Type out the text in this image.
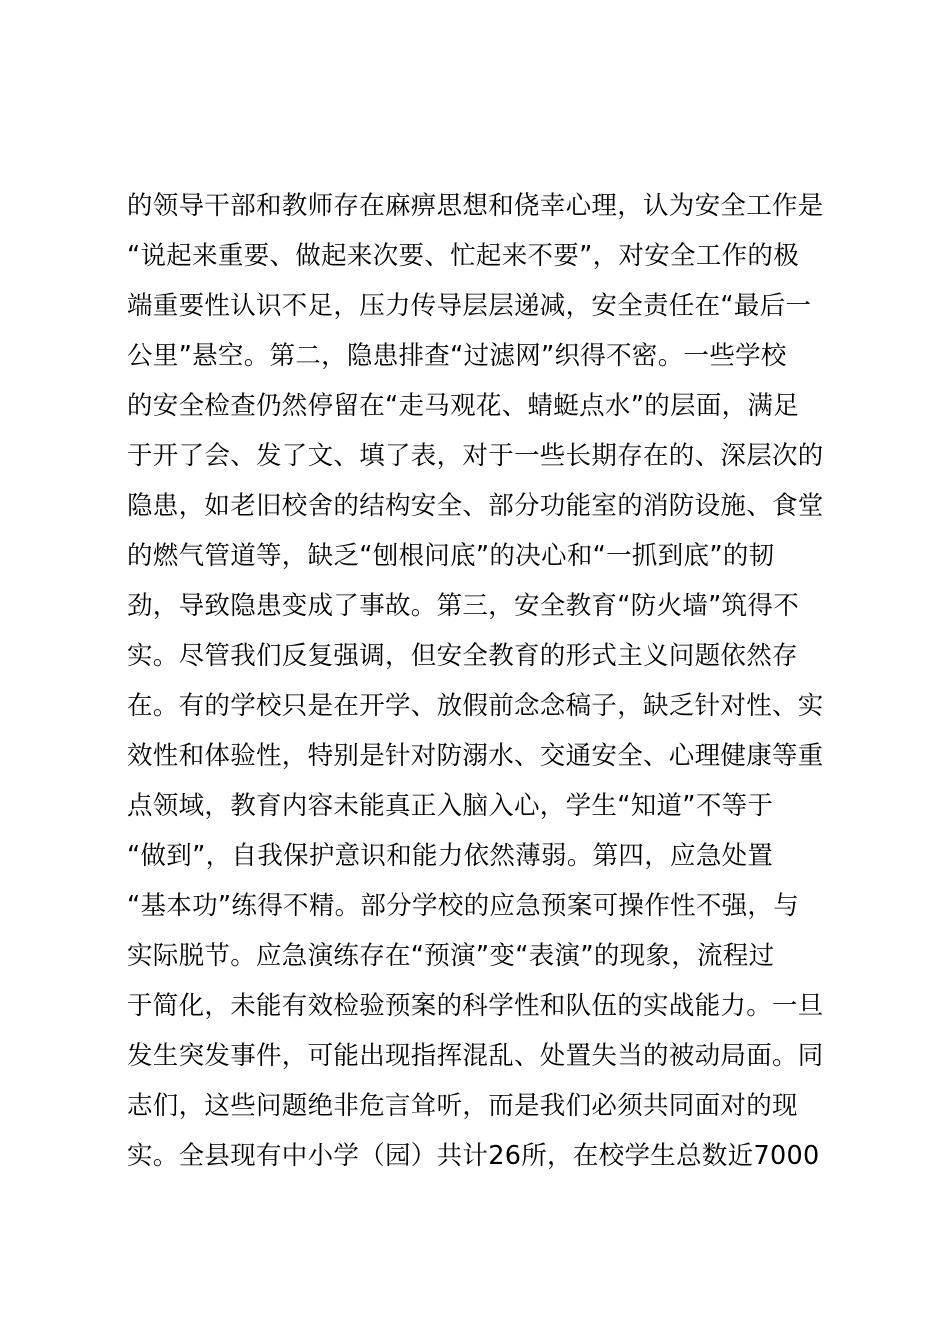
的领导干部和教师存在麻痹思想和侥幸心理，认为安全工作是
“说起来重要、做起来次要、忙起来不要”，对安全工作的极
端重要性认识不足，压力传导层层递减，安全责任在“最后一
公里”悬空。第二，隐患排查“过滤网”织得不密。一些学校
的安全检查仍然停留在“走马观花、蜻蜓点水”的层面，满足
于开了会、发了文、填了表，对于一些长期存在的、深层次的
隐患，如老旧校舍的结构安全、部分功能室的消防设施、食堂
的燃气管道等，缺乏“刨根问底”的决心和“一抓到底”的韧
劲，导致隐患变成了事故。第三，安全教育“防火墙”筑得不
实。尽管我们反复强调，但安全教育的形式主义问题依然存
在。有的学校只是在开学、放假前念念稿子，缺乏针对性、实
效性和体验性，特别是针对防溺水、交通安全、心理健康等重
点领域，教育内容未能真正入脑入心，学生“知道”不等于
“做到”，自我保护意识和能力依然薄弱。第四，应急处置
“基本功”练得不精。部分学校的应急预案可操作性不强，与
实际脱节。应急演练存在“预演”变“表演”的现象，流程过
于简化，未能有效检验预案的科学性和队伍的实战能力。一旦
发生突发事件，可能出现指挥混乱、处置失当的被动局面。同
志们，这些问题绝非危言耸听，而是我们必须共同面对的现
实。全县现有中小学（园）共计26所，在校学生总数近7000
